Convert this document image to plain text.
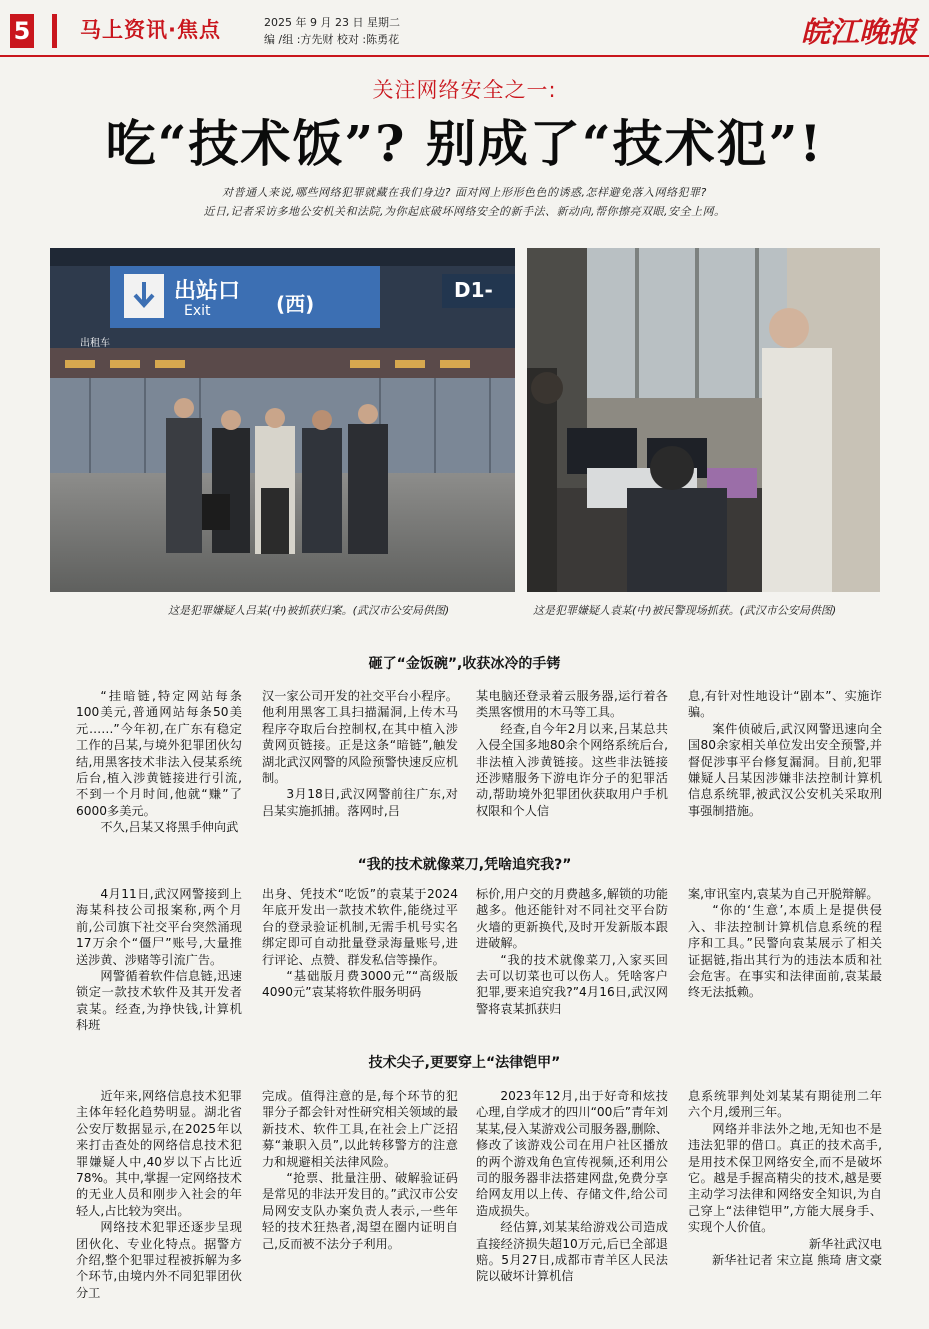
5 马上资讯·焦点	2025 年 9 月 23 日 星期二
编 /组 :方先财 校对 :陈勇花	皖江晚报
关注网络安全之一:
吃“技术饭”? 别成了“技术犯”!
对普通人来说,哪些网络犯罪就藏在我们身边? 面对网上形形色色的诱惑,怎样避免落入网络犯罪?
近日,记者采访多地公安机关和法院,为你起底破坏网络安全的新手法、新动向,帮你擦亮双眼,安全上网。
出站口
Exit	(西)
D1-
出租车
这是犯罪嫌疑人吕某(中)被抓获归案。(武汉市公安局供图)	这是犯罪嫌疑人袁某(中)被民警现场抓获。(武汉市公安局供图)
砸了“金饭碗”,收获冰冷的手铐

“挂暗链,特定网站每条100美元,普通网站每条50美元……”今年初,在广东有稳定工作的吕某,与境外犯罪团伙勾结,用黑客技术非法入侵某系统后台,植入涉黄链接进行引流,不到一个月时间,他就“赚”了6000多美元。

不久,吕某又将黑手伸向武

汉一家公司开发的社交平台小程序。他利用黑客工具扫描漏洞,上传木马程序夺取后台控制权,在其中植入涉黄网页链接。正是这条“暗链”,触发湖北武汉网警的风险预警快速反应机制。

3月18日,武汉网警前往广东,对吕某实施抓捕。落网时,吕

某电脑还登录着云服务器,运行着各类黑客惯用的木马等工具。

经查,自今年2月以来,吕某总共入侵全国多地80余个网络系统后台,非法植入涉黄链接。这些非法链接还涉赌服务下游电诈分子的犯罪活动,帮助境外犯罪团伙获取用户手机权限和个人信

息,有针对性地设计“剧本”、实施诈骗。

案件侦破后,武汉网警迅速向全国80余家相关单位发出安全预警,并督促涉事平台修复漏洞。目前,犯罪嫌疑人吕某因涉嫌非法控制计算机信息系统罪,被武汉公安机关采取刑事强制措施。

“我的技术就像菜刀,凭啥追究我?”

4月11日,武汉网警接到上海某科技公司报案称,两个月前,公司旗下社交平台突然涌现17万余个“僵尸”账号,大量推送涉黄、涉赌等引流广告。

网警循着软件信息链,迅速锁定一款技术软件及其开发者袁某。经查,为挣快钱,计算机科班

出身、凭技术“吃饭”的袁某于2024年底开发出一款技术软件,能绕过平台的登录验证机制,无需手机号实名绑定即可自动批量登录海量账号,进行评论、点赞、群发私信等操作。

“基础版月费3000元”“高级版4090元”袁某将软件服务明码

标价,用户交的月费越多,解锁的功能越多。他还能针对不同社交平台防火墙的更新换代,及时开发新版本跟进破解。

“我的技术就像菜刀,入家买回去可以切菜也可以伤人。凭啥客户犯罪,要来追究我?”4月16日,武汉网警将袁某抓获归

案,审讯室内,袁某为自己开脱辩解。

“你的‘生意’,本质上是提供侵入、非法控制计算机信息系统的程序和工具。”民警向袁某展示了相关证据链,指出其行为的违法本质和社会危害。在事实和法律面前,袁某最终无法抵赖。

技术尖子,更要穿上“法律铠甲”

近年来,网络信息技术犯罪主体年轻化趋势明显。湖北省公安厅数据显示,在2025年以来打击查处的网络信息技术犯罪嫌疑人中,40岁以下占比近78%。其中,掌握一定网络技术的无业人员和刚步入社会的年轻人,占比较为突出。

网络技术犯罪还逐步呈现团伙化、专业化特点。据警方介绍,整个犯罪过程被拆解为多个环节,由境内外不同犯罪团伙分工

完成。值得注意的是,每个环节的犯罪分子都会针对性研究相关领域的最新技术、软件工具,在社会上广泛招募“兼职入员”,以此转移警方的注意力和规避相关法律风险。

“抢票、批量注册、破解验证码是常见的非法开发目的。”武汉市公安局网安支队办案负责人表示,一些年轻的技术狂热者,渴望在圈内证明自己,反而被不法分子利用。

2023年12月,出于好奇和炫技心理,自学成才的四川“00后”青年刘某某,侵入某游戏公司服务器,删除、修改了该游戏公司在用户社区播放的两个游戏角色宣传视频,还利用公司的服务器非法搭建网盘,免费分享给网友用以上传、存储文件,给公司造成损失。

经估算,刘某某给游戏公司造成直接经济损失超10万元,后已全部退赔。5月27日,成都市青羊区人民法院以破坏计算机信

息系统罪判处刘某某有期徒刑二年六个月,缓刑三年。

网络并非法外之地,无知也不是违法犯罪的借口。真正的技术高手,是用技术保卫网络安全,而不是破坏它。越是手握高精尖的技术,越是要主动学习法律和网络安全知识,为自己穿上“法律铠甲”,方能大展身手、实现个人价值。

新华社武汉电
新华社记者 宋立崑 熊琦 唐文豪
